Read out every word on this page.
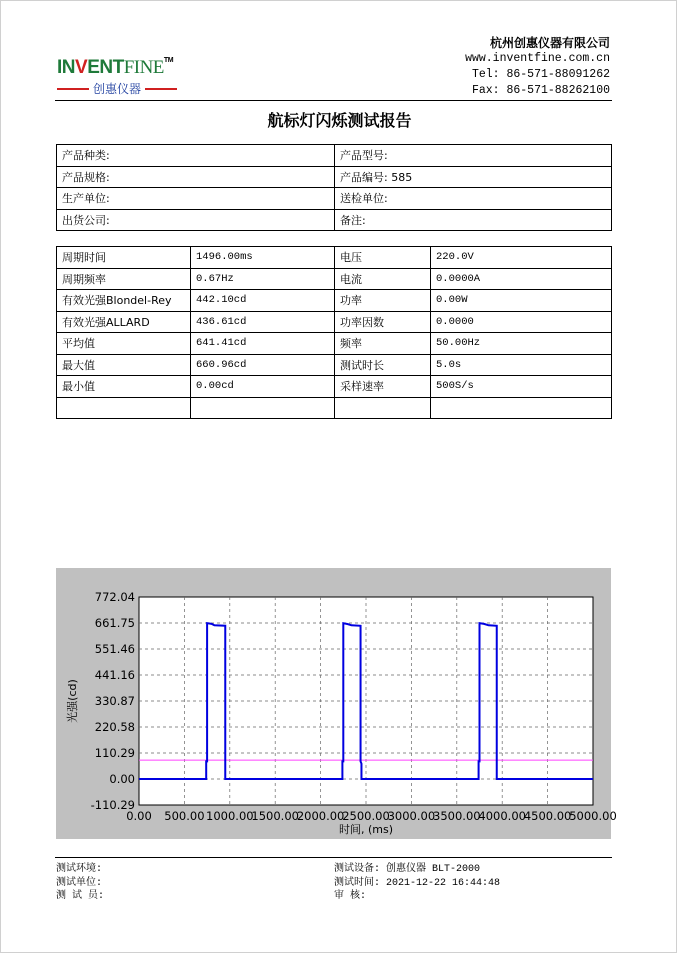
INVENTFINE™
创惠仪器
杭州创惠仪器有限公司
www.inventfine.com.cn
Tel: 86-571-88091262
Fax: 86-571-88262100
航标灯闪烁测试报告
产品种类:	产品型号:
产品规格:	产品编号: 585
生产单位:	送检单位:
出货公司:	备注:
周期时间	1496.00ms	电压	220.0V
周期频率	0.67Hz	电流	0.0000A
有效光强Blondel-Rey	442.10cd	功率	0.00W
有效光强ALLARD	436.61cd	功率因数	0.0000
平均值	641.41cd	频率	50.00Hz
最大值	660.96cd	测试时长	5.0s
最小值	0.00cd	采样速率	500S/s

772.04
661.75
551.46
441.16
330.87
220.58
110.29
0.00
-110.29
0.00 500.00 1000.00
1500.00
2000.00
2500.00
3000.00
3500.00
4000.00
4500.00
5000.00
时间, (ms)
光强(cd)
测试环境:
测试单位:
测 试 员:
测试设备: 创惠仪器 BLT-2000
测试时间: 2021-12-22 16:44:48
审 核:
